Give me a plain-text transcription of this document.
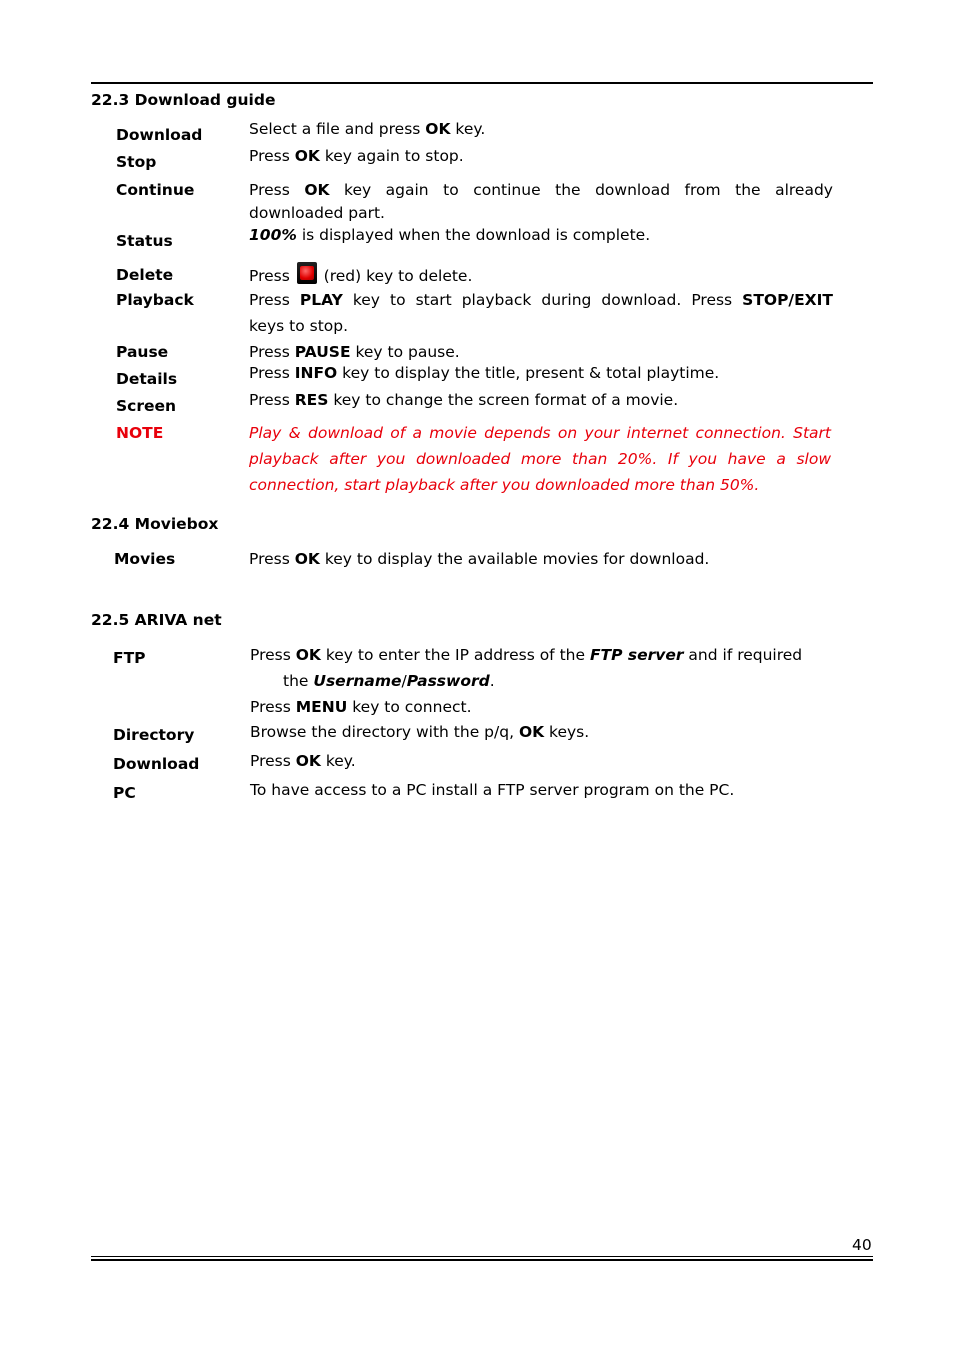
22.3 Download guide
Download	Select a file and press OK key.
Stop	Press OK key again to stop.
Continue	Press OK key again to continue the download from the already
downloaded part.
Status	100% is displayed when the download is complete.
Delete	Press  (red) key to delete.
Playback	Press PLAY key to start playback during download. Press STOP/EXIT
keys to stop.
Pause	Press PAUSE key to pause.
Details	Press INFO key to display the title, present & total playtime.
Screen	Press RES key to change the screen format of a movie.
NOTE	Play & download of a movie depends on your internet connection. Start
playback after you downloaded more than 20%. If you have a slow
connection, start playback after you downloaded more than 50%.
22.4 Moviebox
Movies	Press OK key to display the available movies for download.
22.5 ARIVA net
FTP	Press OK key to enter the IP address of the FTP server and if required
the Username/Password.
Press MENU key to connect.
Directory	Browse the directory with the p/q, OK keys.
Download	Press OK key.
PC	To have access to a PC install a FTP server program on the PC.
40
